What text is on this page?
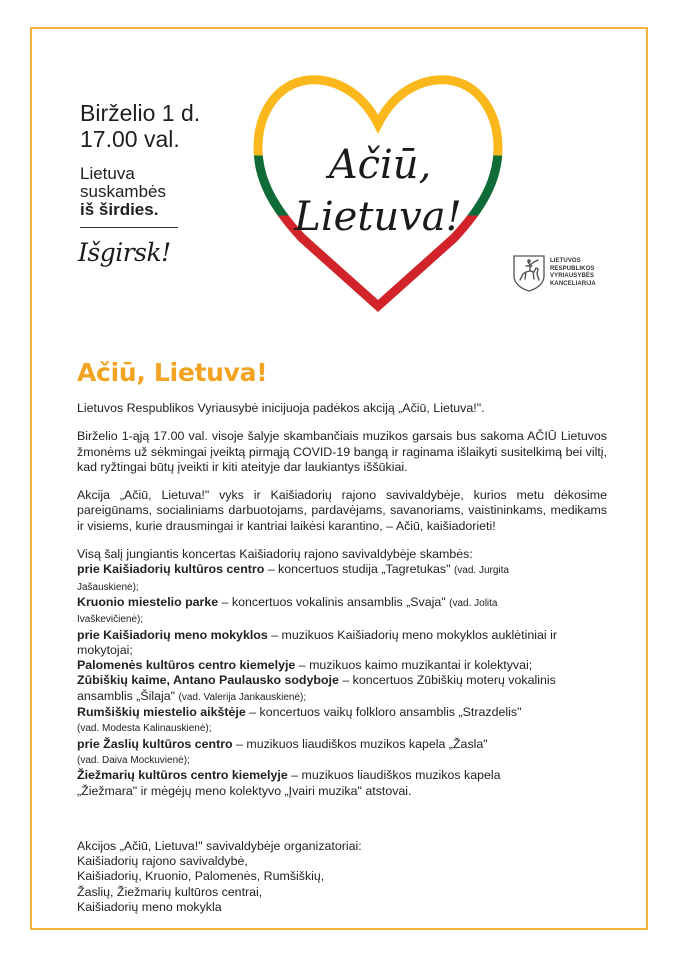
Birželio 1 d.
17.00 val.
Lietuva
suskambės
iš širdies.
Išgirsk!
Ačiū,
Lietuva!
LIETUVOS
RESPUBLIKOS
VYRIAUSYBĖS
KANCELIARIJA
Ačiū, Lietuva!
Lietuvos Respublikos Vyriausybė inicijuoja padėkos akciją „Ačiū, Lietuva!".
Birželio 1-ąją 17.00 val. visoje šalyje skambančiais muzikos garsais bus sakoma AČIŪ Lietuvos žmonėms už sėkmingai įveiktą pirmąją COVID-19 bangą ir raginama išlaikyti susitelkimą bei viltį, kad ryžtingai būtų įveikti ir kiti ateityje dar laukiantys iššūkiai.
Akcija „Ačiū, Lietuva!" vyks ir Kaišiadorių rajono savivaldybėje, kurios metu dėkosime pareigūnams, socialiniams darbuotojams, pardavėjams, savanoriams, vaistininkams, medikams ir visiems, kurie drausmingai ir kantriai laikėsi karantino, – Ačiū, kaišiadorieti!
Visą šalį jungiantis koncertas Kaišiadorių rajono savivaldybėje skambės:
prie Kaišiadorių kultūros centro – koncertuos studija „Tagretukas" (vad. Jurgita Jašauskienė);
Kruonio miestelio parke – koncertuos vokalinis ansamblis „Svaja" (vad. Jolita Ivaškevičienė);
prie Kaišiadorių meno mokyklos – muzikuos Kaišiadorių meno mokyklos auklėtiniai ir mokytojai;
Palomenės kultūros centro kiemelyje – muzikuos kaimo muzikantai ir kolektyvai;
Zūbiškių kaime, Antano Paulausko sodyboje – koncertuos Zūbiškių moterų vokalinis ansamblis „Šilaja" (vad. Valerija Jankauskienė);
Rumšiškių miestelio aikštėje – koncertuos vaikų folkloro ansamblis „Strazdelis"
(vad. Modesta Kalinauskienė);
prie Žaslių kultūros centro – muzikuos liaudiškos muzikos kapela „Žasla"
(vad. Daiva Mockuvienė);
Žiežmarių kultūros centro kiemelyje – muzikuos liaudiškos muzikos kapela „Žiežmara" ir mėgėjų meno kolektyvo „Įvairi muzika" atstovai.
Akcijos „Ačiū, Lietuva!" savivaldybėje organizatoriai:
Kaišiadorių rajono savivaldybė,
Kaišiadorių, Kruonio, Palomenės, Rumšiškių,
Žaslių, Žiežmarių kultūros centrai,
Kaišiadorių meno mokykla
